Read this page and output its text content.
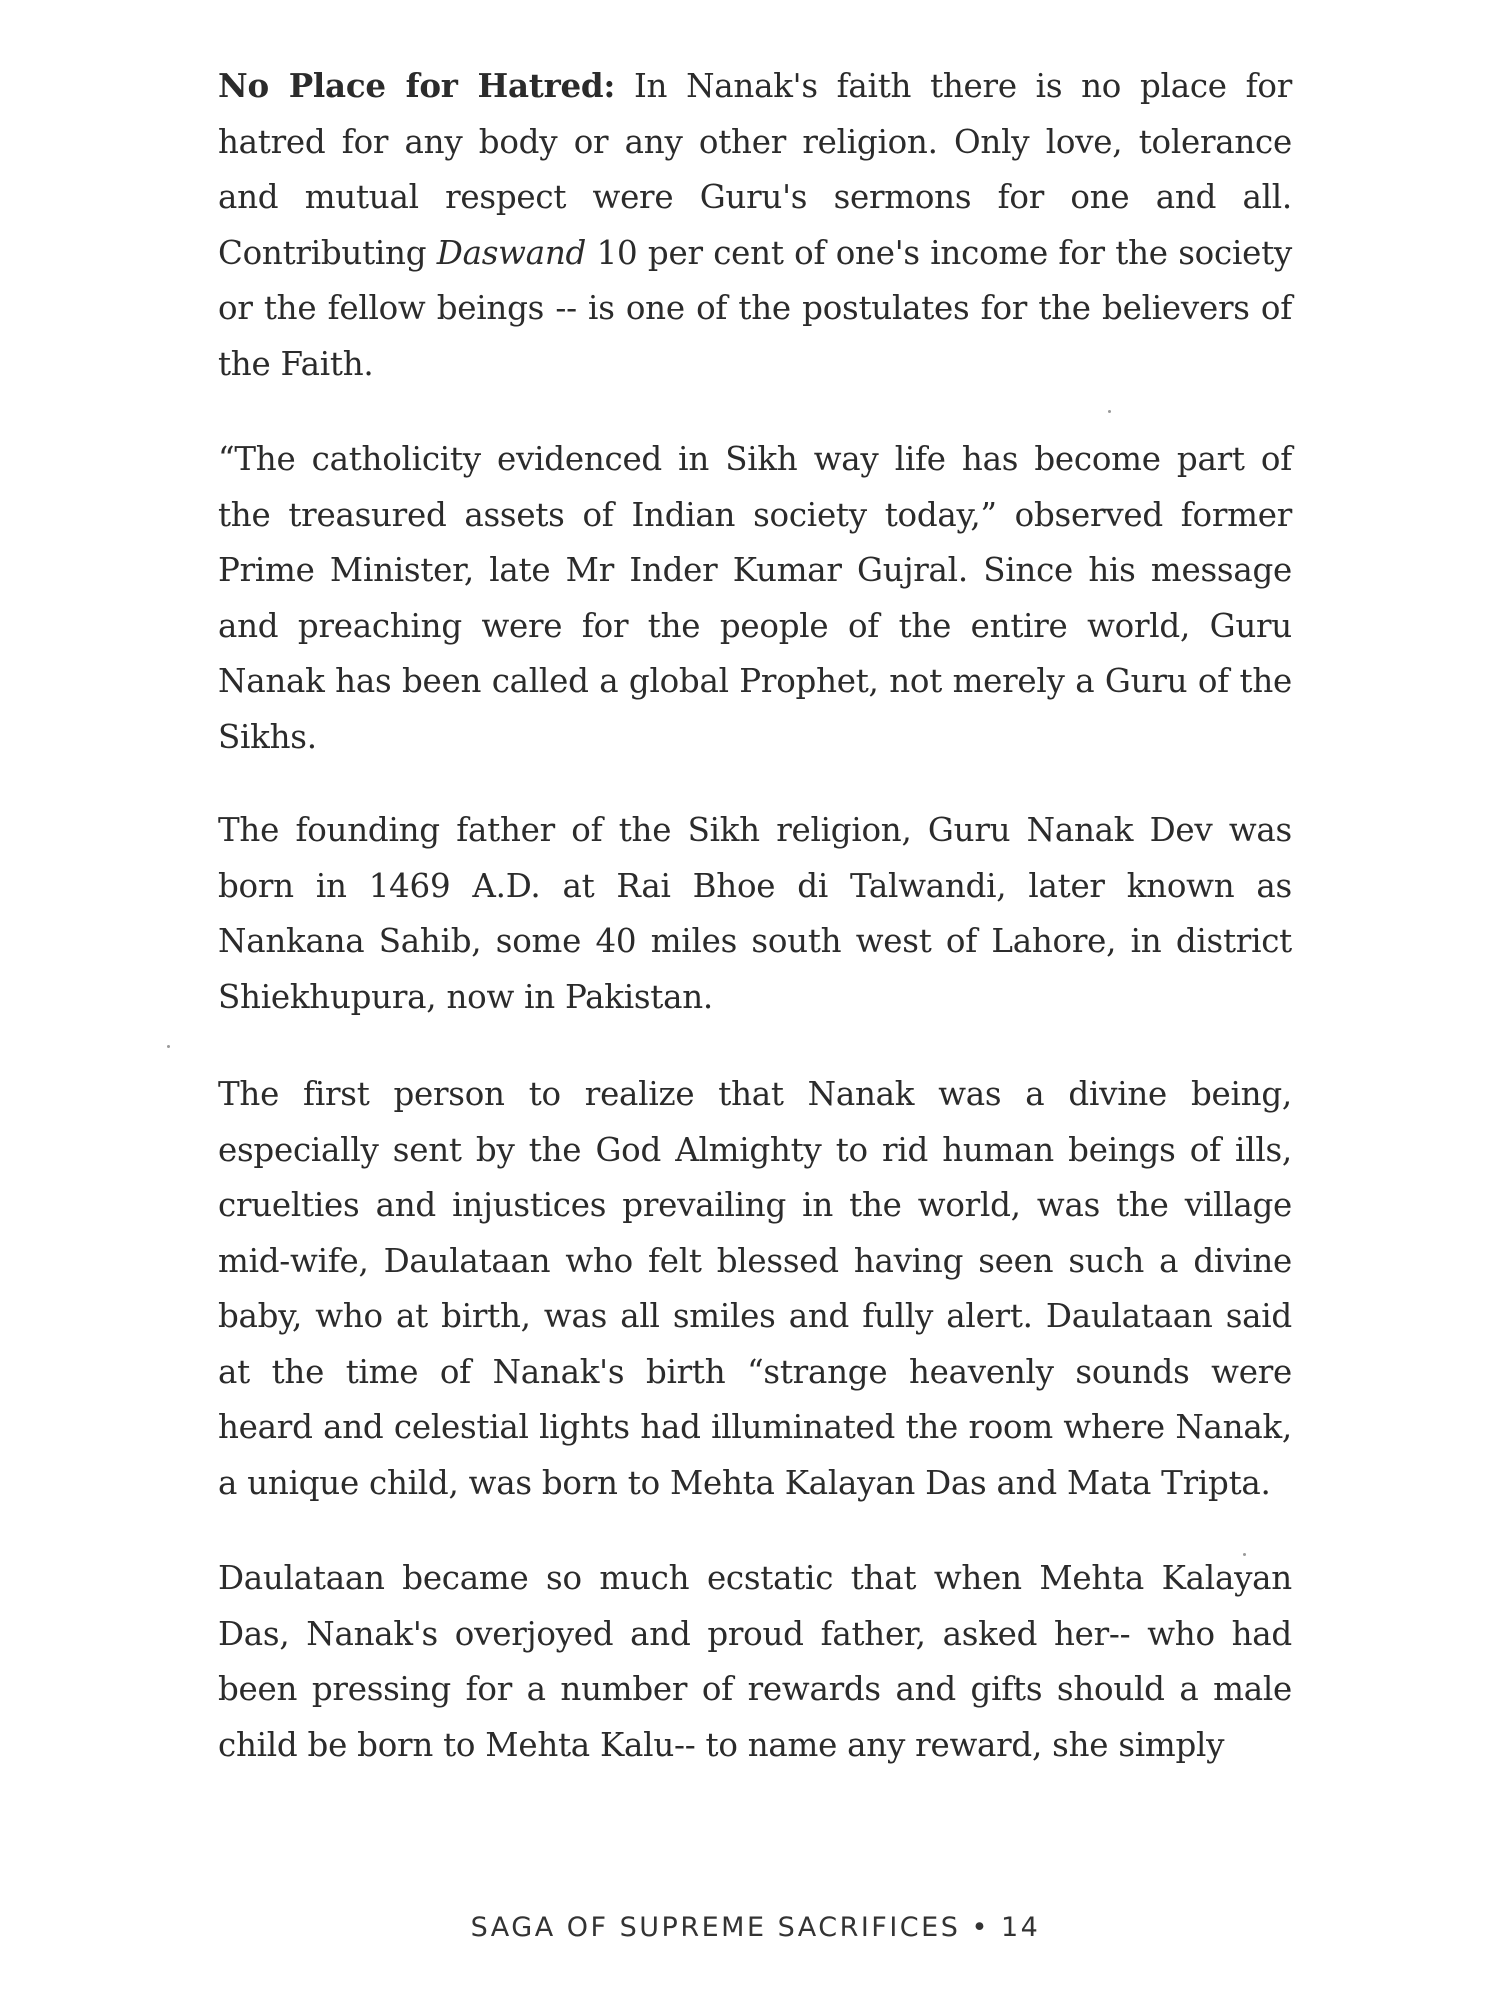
No Place for Hatred: In Nanak's faith there is no place for hatred for any body or any other religion. Only love, tolerance and mutual respect were Guru's sermons for one and all. Contributing Daswand 10 per cent of one's income for the society or the fellow beings -- is one of the postulates for the believers of the Faith.

“The catholicity evidenced in Sikh way life has become part of the treasured assets of Indian society today,” observed former Prime Minister, late Mr Inder Kumar Gujral. Since his message and preaching were for the people of the entire world, Guru Nanak has been called a global Prophet, not merely a Guru of the Sikhs.

The founding father of the Sikh religion, Guru Nanak Dev was born in 1469 A.D. at Rai Bhoe di Talwandi, later known as Nankana Sahib, some 40 miles south west of Lahore, in district Shiekhupura, now in Pakistan.

The first person to realize that Nanak was a divine being, especially sent by the God Almighty to rid human beings of ills, cruelties and injustices prevailing in the world, was the village mid-wife, Daulataan who felt blessed having seen such a divine baby, who at birth, was all smiles and fully alert. Daulataan said at the time of Nanak's birth “strange heavenly sounds were heard and celestial lights had illuminated the room where Nanak, a unique child, was born to Mehta Kalayan Das and Mata Tripta.

Daulataan became so much ecstatic that when Mehta Kalayan Das, Nanak's overjoyed and proud father, asked her-- who had been pressing for a number of rewards and gifts should a male child be born to Mehta Kalu-- to name any reward, she simply

SAGA OF SUPREME SACRIFICES • 14
